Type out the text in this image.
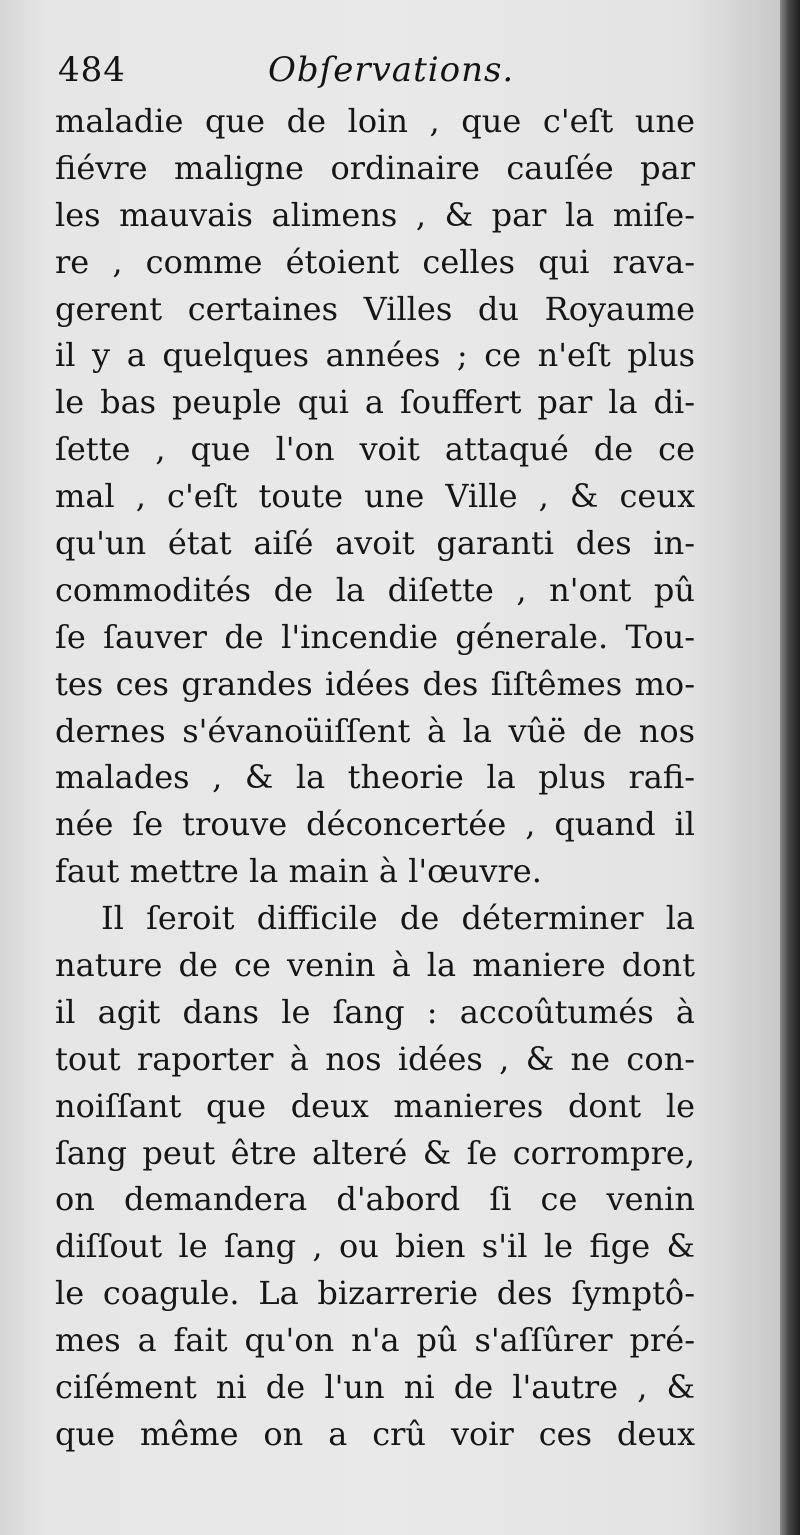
484	Obſervations.
maladie que de loin , que c'eſt une
fiévre maligne ordinaire cauſée par
les mauvais alimens , & par la miſe-
re , comme étoient celles qui rava-
gerent certaines Villes du Royaume
il y a quelques années ; ce n'eſt plus
le bas peuple qui a ſouffert par la di-
ſette , que l'on voit attaqué de ce
mal , c'eſt toute une Ville , & ceux
qu'un état aiſé avoit garanti des in-
commodités de la diſette , n'ont pû
ſe ſauver de l'incendie génerale. Tou-
tes ces grandes idées des ſiſtêmes mo-
dernes s'évanoüiſſent à la vûë de nos
malades , & la theorie la plus rafi-
née ſe trouve déconcertée , quand il
faut mettre la main à l'œuvre.
Il ſeroit difficile de déterminer la
nature de ce venin à la maniere dont
il agit dans le ſang : accoûtumés à
tout raporter à nos idées , & ne con-
noiſſant que deux manieres dont le
ſang peut être alteré & ſe corrompre,
on demandera d'abord ſi ce venin
diſſout le ſang , ou bien s'il le fige &
le coagule. La bizarrerie des ſymptô-
mes a fait qu'on n'a pû s'aſſûrer pré-
ciſément ni de l'un ni de l'autre , &
que même on a crû voir ces deux
